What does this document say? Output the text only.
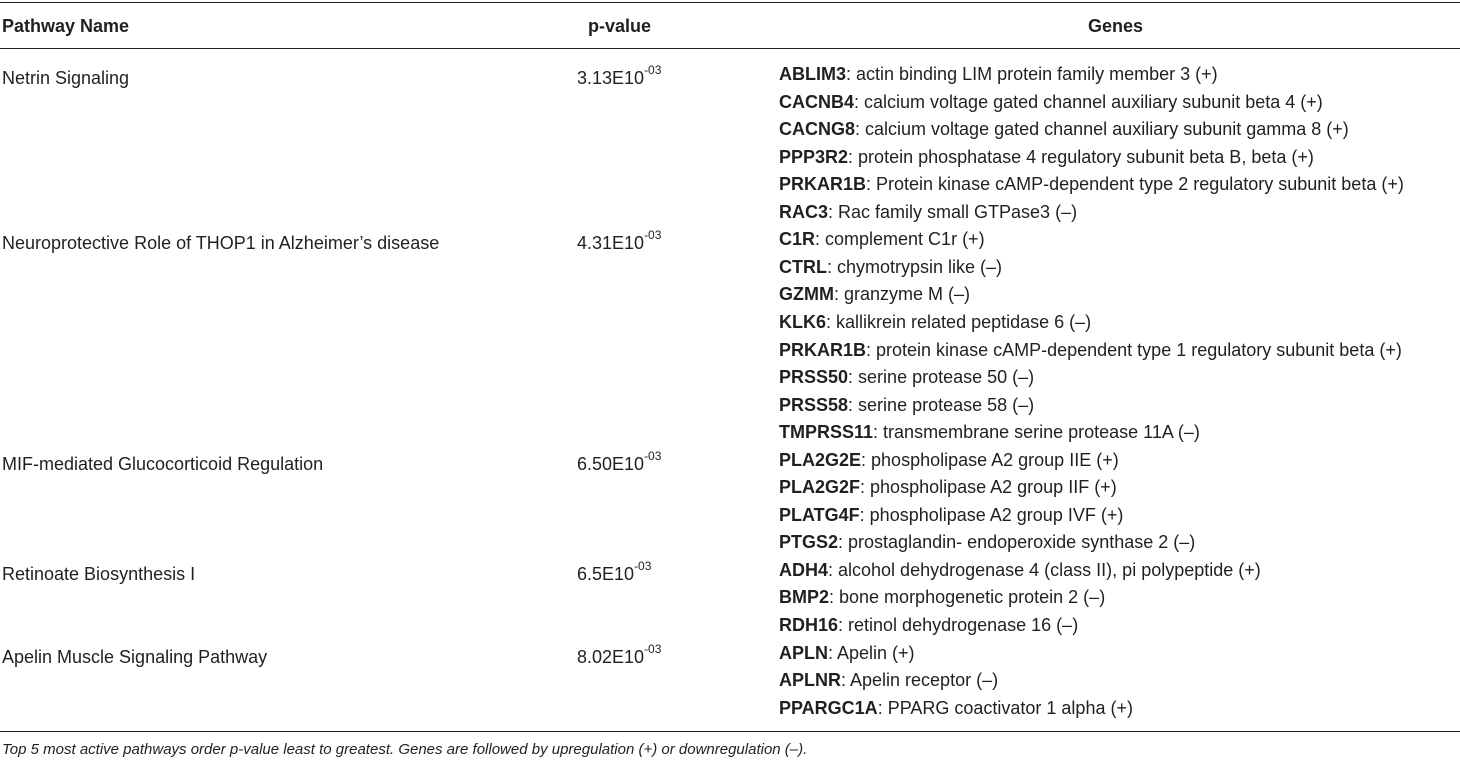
Pathway Name	p-value	Genes
Netrin Signaling	$3.13E10^{-03}$	ABLIM3: actin binding LIM protein family member 3 (+)
CACNB4: calcium voltage gated channel auxiliary subunit beta 4 (+)
CACNG8: calcium voltage gated channel auxiliary subunit gamma 8 (+)
PPP3R2: protein phosphatase 4 regulatory subunit beta B, beta (+)
PRKAR1B: Protein kinase cAMP-dependent type 2 regulatory subunit beta (+)
RAC3: Rac family small GTPase3 (–)
Neuroprotective Role of THOP1 in Alzheimer’s disease	$4.31E10^{-03}$	C1R: complement C1r (+)
CTRL: chymotrypsin like (–)
GZMM: granzyme M (–)
KLK6: kallikrein related peptidase 6 (–)
PRKAR1B: protein kinase cAMP-dependent type 1 regulatory subunit beta (+)
PRSS50: serine protease 50 (–)
PRSS58: serine protease 58 (–)
TMPRSS11: transmembrane serine protease 11A (–)
MIF-mediated Glucocorticoid Regulation	$6.50E10^{-03}$	PLA2G2E: phospholipase A2 group IIE (+)
PLA2G2F: phospholipase A2 group IIF (+)
PLATG4F: phospholipase A2 group IVF (+)
PTGS2: prostaglandin- endoperoxide synthase 2 (–)
Retinoate Biosynthesis I	$6.5E10^{-03}$	ADH4: alcohol dehydrogenase 4 (class II), pi polypeptide (+)
BMP2: bone morphogenetic protein 2 (–)
RDH16: retinol dehydrogenase 16 (–)
Apelin Muscle Signaling Pathway	$8.02E10^{-03}$	APLN: Apelin (+)
APLNR: Apelin receptor (–)
PPARGC1A: PPARG coactivator 1 alpha (+)
Top 5 most active pathways order p-value least to greatest. Genes are followed by upregulation (+) or downregulation (–).
